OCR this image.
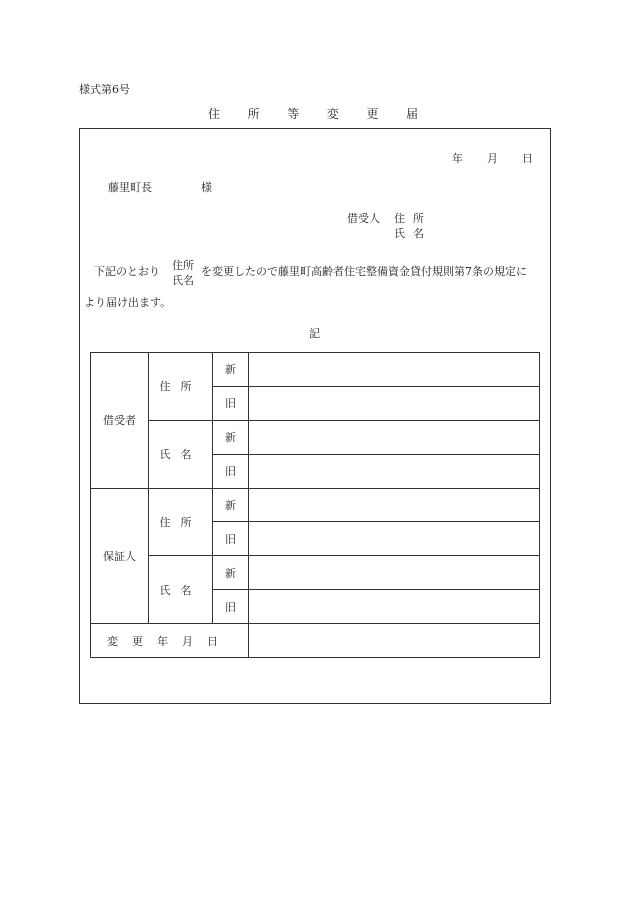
様式第6号
住 所 等 変 更 届
年 月 日
藤里町長	様
借受人 住所
氏名
下記のとおり 住所
氏名
を変更したので藤里町高齢者住宅整備資金貸付規則第7条の規定に
より届け出ます。
記
借受者	住所	新	
		旧	
	氏名	新	
		旧	
保証人	住所	新	
		旧	
	氏名	新	
		旧	
変更年月日			
